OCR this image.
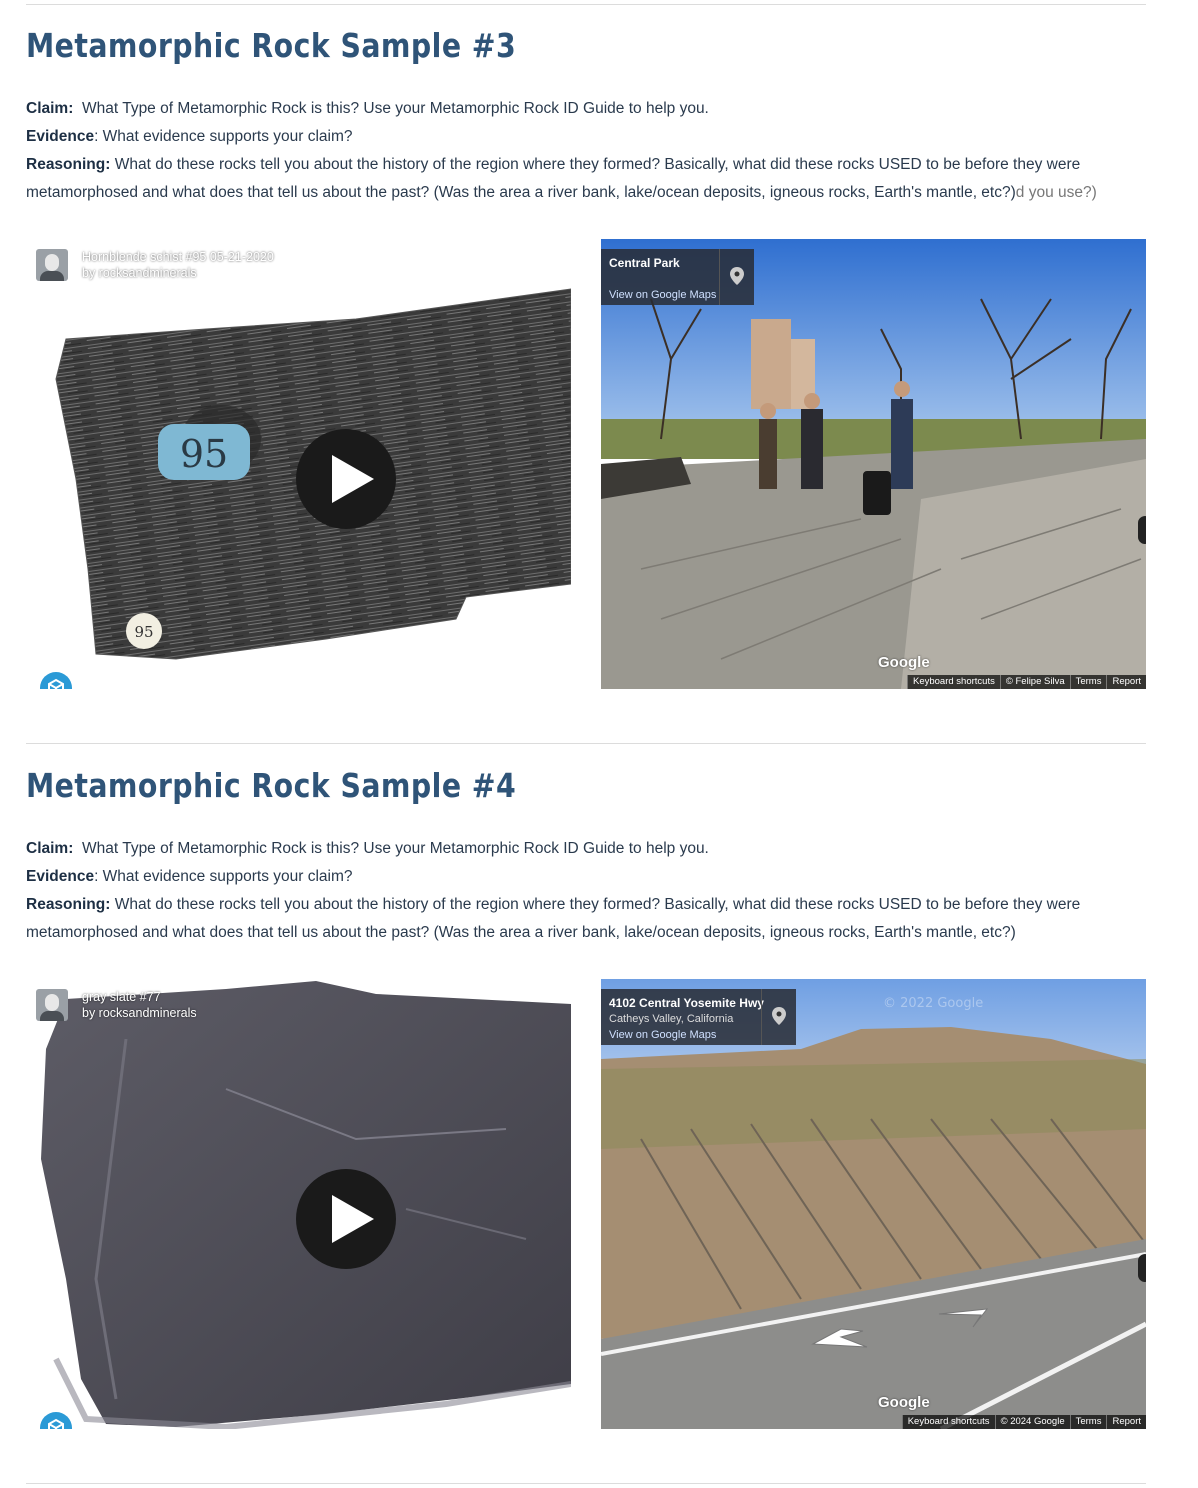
Metamorphic Rock Sample #3

Claim: What Type of Metamorphic Rock is this? Use your Metamorphic Rock ID Guide to help you.

Evidence: What evidence supports your claim?

Reasoning: What do these rocks tell you about the history of the region where they formed? Basically, what did these rocks USED to be before they were metamorphosed and what does that tell us about the past? (Was the area a river bank, lake/ocean deposits, igneous rocks, Earth's mantle, etc?)d you use?)

95
95
Hornblende schist #95 05-21-2020
by rocksandminerals
Central Park
View on Google Maps
Google
Keyboard shortcuts	© Felipe Silva	Terms	Report
Metamorphic Rock Sample #4

Claim: What Type of Metamorphic Rock is this? Use your Metamorphic Rock ID Guide to help you.

Evidence: What evidence supports your claim?

Reasoning: What do these rocks tell you about the history of the region where they formed? Basically, what did these rocks USED to be before they were metamorphosed and what does that tell us about the past? (Was the area a river bank, lake/ocean deposits, igneous rocks, Earth's mantle, etc?)

gray slate #77
by rocksandminerals
© 2022 Google
4102 Central Yosemite Hwy
Catheys Valley, California
View on Google Maps
Google
Keyboard shortcuts	© 2024 Google	Terms	Report
